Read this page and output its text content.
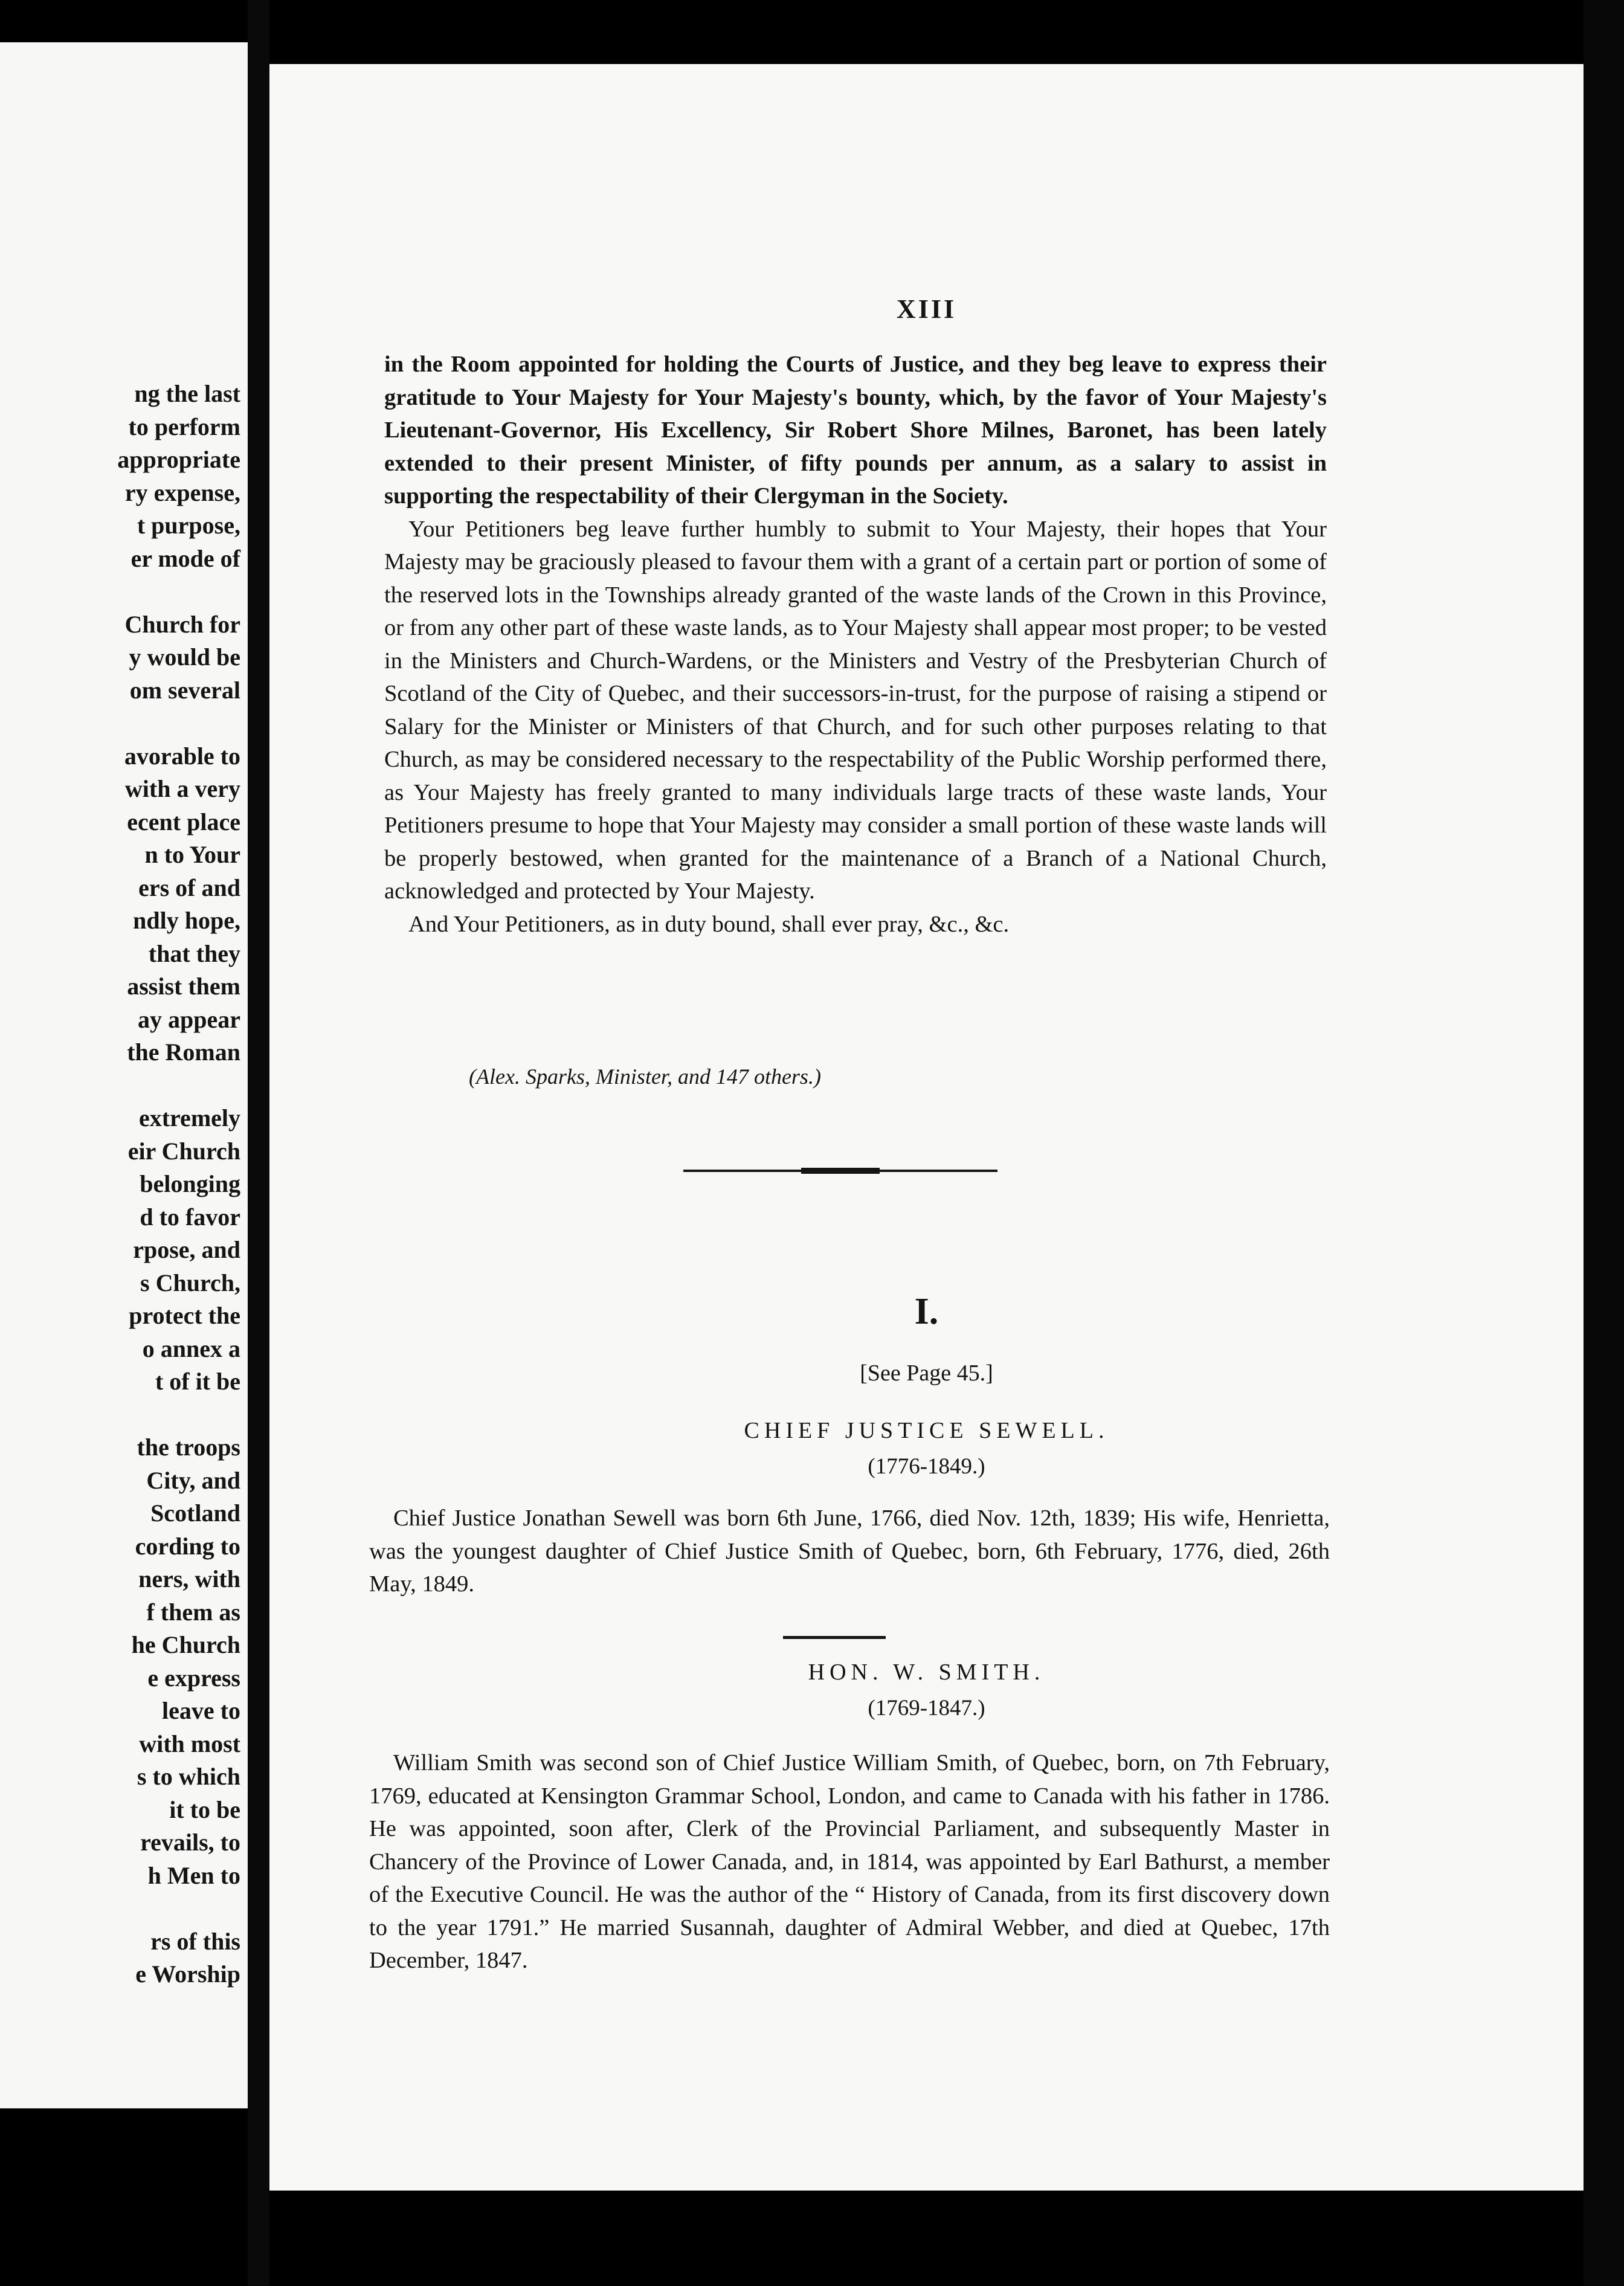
ng the last
to perform
appropriate
ry expense,
t purpose,
er mode of
Church for
y would be
om several
avorable to
with a very
ecent place
n to Your
ers of and
ndly hope,
that they
assist them
ay appear
the Roman
extremely
eir Church
belonging
d to favor
rpose, and
s Church,
protect the
o annex a
t of it be
the troops
City, and
Scotland
cording to
ners, with
f them as
he Church
e express
leave to
with most
s to which
it to be
revails, to
h Men to
rs of this
e Worship
XIII

in the Room appointed for holding the Courts of Justice, and they beg leave to express their gratitude to Your Majesty for Your Majesty's bounty, which, by the favor of Your Majesty's Lieutenant-Governor, His Excellency, Sir Robert Shore Milnes, Baronet, has been lately extended to their present Minister, of fifty pounds per annum, as a salary to assist in supporting the respectability of their Clergyman in the Society.

Your Petitioners beg leave further humbly to submit to Your Majesty, their hopes that Your Majesty may be graciously pleased to favour them with a grant of a certain part or portion of some of the reserved lots in the Townships already granted of the waste lands of the Crown in this Province, or from any other part of these waste lands, as to Your Majesty shall appear most proper; to be vested in the Ministers and Church-Wardens, or the Ministers and Vestry of the Presbyterian Church of Scotland of the City of Quebec, and their successors-in-trust, for the purpose of raising a stipend or Salary for the Minister or Ministers of that Church, and for such other purposes relating to that Church, as may be considered necessary to the respectability of the Public Worship performed there, as Your Majesty has freely granted to many individuals large tracts of these waste lands, Your Petitioners presume to hope that Your Majesty may consider a small portion of these waste lands will be properly bestowed, when granted for the maintenance of a Branch of a National Church, acknowledged and protected by Your Majesty.

And Your Petitioners, as in duty bound, shall ever pray, &c., &c.

(Alex. Sparks, Minister, and 147 others.)
I.
[See Page 45.]
CHIEF JUSTICE SEWELL.
(1776-1849.)

Chief Justice Jonathan Sewell was born 6th June, 1766, died Nov. 12th, 1839; His wife, Henrietta, was the youngest daughter of Chief Justice Smith of Quebec, born, 6th February, 1776, died, 26th May, 1849.

HON. W. SMITH.
(1769-1847.)

William Smith was second son of Chief Justice William Smith, of Quebec, born, on 7th February, 1769, educated at Kensington Grammar School, London, and came to Canada with his father in 1786. He was appointed, soon after, Clerk of the Provincial Parliament, and subsequently Master in Chancery of the Province of Lower Canada, and, in 1814, was appointed by Earl Bathurst, a member of the Executive Council. He was the author of the “ History of Canada, from its first discovery down to the year 1791.” He married Susannah, daughter of Admiral Webber, and died at Quebec, 17th December, 1847.
